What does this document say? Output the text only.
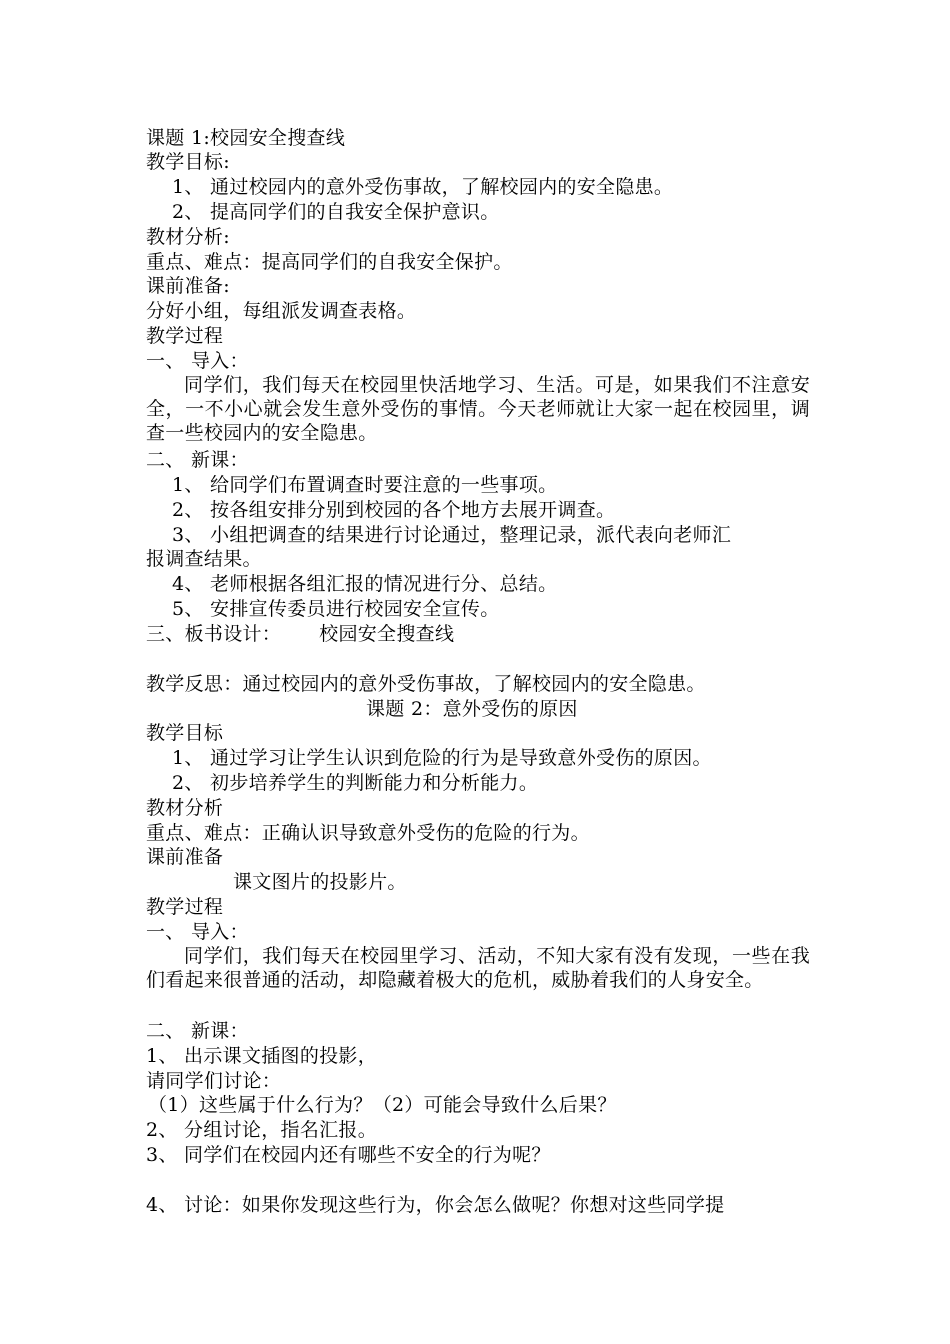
课题 1:校园安全搜查线
教学目标:
1、 通过校园内的意外受伤事故，了解校园内的安全隐患。
2、 提高同学们的自我安全保护意识。
教材分析:
重点、难点：提高同学们的自我安全保护。
课前准备:
分好小组，每组派发调查表格。
教学过程
一、 导入：
同学们，我们每天在校园里快活地学习、生活。可是，如果我们不注意安全，一不小心就会发生意外受伤的事情。今天老师就让大家一起在校园里，调查一些校园内的安全隐患。
二、 新课：
1、 给同学们布置调查时要注意的一些事项。
2、 按各组安排分别到校园的各个地方去展开调查。
3、 小组把调查的结果进行讨论通过，整理记录，派代表向老师汇
报调查结果。
4、 老师根据各组汇报的情况进行分、总结。
5、 安排宣传委员进行校园安全宣传。
三、板书设计：      校园安全搜查线
教学反思：通过校园内的意外受伤事故，了解校园内的安全隐患。
课题 2：意外受伤的原因
教学目标
1、 通过学习让学生认识到危险的行为是导致意外受伤的原因。
2、 初步培养学生的判断能力和分析能力。
教材分析
重点、难点：正确认识导致意外受伤的危险的行为。
课前准备
课文图片的投影片。
教学过程
一、 导入：
同学们，我们每天在校园里学习、活动，不知大家有没有发现，一些在我们看起来很普通的活动，却隐藏着极大的危机，威胁着我们的人身安全。
二、 新课：
1、 出示课文插图的投影，
请同学们讨论：
（1）这些属于什么行为？（2）可能会导致什么后果？
2、 分组讨论，指名汇报。
3、 同学们在校园内还有哪些不安全的行为呢？
4、 讨论：如果你发现这些行为，你会怎么做呢？你想对这些同学提
